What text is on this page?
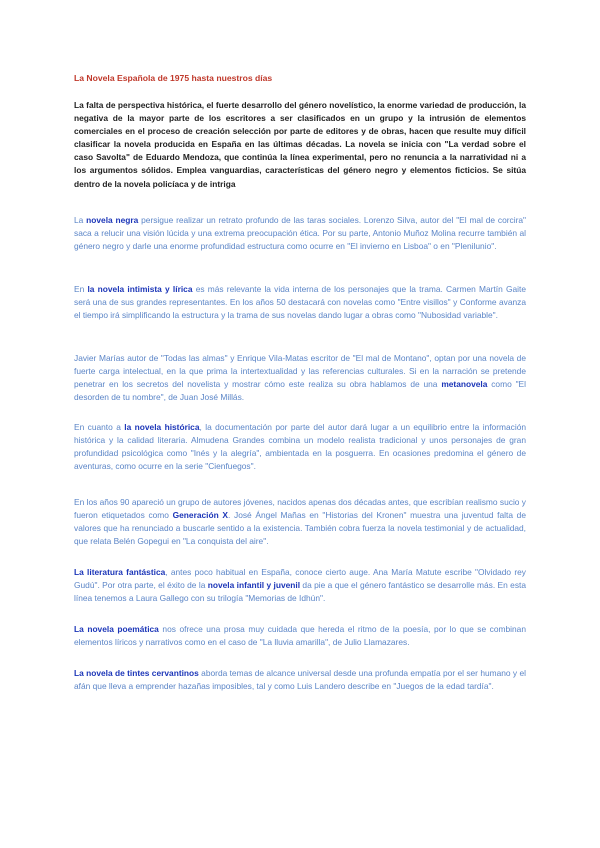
La Novela Española de 1975 hasta nuestros días

La falta de perspectiva histórica, el fuerte desarrollo del género novelístico, la enorme variedad de producción, la negativa de la mayor parte de los escritores a ser clasificados en un grupo y la intrusión de elementos comerciales en el proceso de creación selección por parte de editores y de obras, hacen que resulte muy difícil clasificar la novela producida en España en las últimas décadas. La novela se inicia con "La verdad sobre el caso Savolta" de Eduardo Mendoza, que continúa la línea experimental, pero no renuncia a la narratividad ni a los argumentos sólidos. Emplea vanguardias, características del género negro y elementos ficticios. Se sitúa dentro de la novela policíaca y de intriga

La novela negra persigue realizar un retrato profundo de las taras sociales. Lorenzo Silva, autor del "El mal de corcira" saca a relucir una visión lúcida y una extrema preocupación ética. Por su parte, Antonio Muñoz Molina recurre también al género negro y darle una enorme profundidad estructura como ocurre en "El invierno en Lisboa" o en "Plenilunio".

En la novela intimista y lírica es más relevante la vida interna de los personajes que la trama. Carmen Martín Gaite será una de sus grandes representantes. En los años 50 destacará con novelas como "Entre visillos" y Conforme avanza el tiempo irá simplificando la estructura y la trama de sus novelas dando lugar a obras como "Nubosidad variable".

Javier Marías autor de "Todas las almas" y Enrique Vila-Matas escritor de "El mal de Montano", optan por una novela de fuerte carga intelectual, en la que prima la intertextualidad y las referencias culturales. Si en la narración se pretende penetrar en los secretos del novelista y mostrar cómo este realiza su obra hablamos de una metanovela como "El desorden de tu nombre", de Juan José Millás.

En cuanto a la novela histórica, la documentación por parte del autor dará lugar a un equilibrio entre la información histórica y la calidad literaria. Almudena Grandes combina un modelo realista tradicional y unos personajes de gran profundidad psicológica como "Inés y la alegría", ambientada en la posguerra. En ocasiones predomina el género de aventuras, como ocurre en la serie "Cienfuegos".

En los años 90 apareció un grupo de autores jóvenes, nacidos apenas dos décadas antes, que escribían realismo sucio y fueron etiquetados como Generación X. José Ángel Mañas en "Historias del Kronen" muestra una juventud falta de valores que ha renunciado a buscarle sentido a la existencia. También cobra fuerza la novela testimonial y de actualidad, que relata Belén Gopegui en "La conquista del aire".

La literatura fantástica, antes poco habitual en España, conoce cierto auge. Ana María Matute escribe "Olvidado rey Gudú". Por otra parte, el éxito de la novela infantil y juvenil da pie a que el género fantástico se desarrolle más. En esta línea tenemos a Laura Gallego con su trilogía "Memorias de Idhún".

La novela poemática nos ofrece una prosa muy cuidada que hereda el ritmo de la poesía, por lo que se combinan elementos líricos y narrativos como en el caso de "La lluvia amarilla", de Julio Llamazares.

La novela de tintes cervantinos aborda temas de alcance universal desde una profunda empatía por el ser humano y el afán que lleva a emprender hazañas imposibles, tal y como Luis Landero describe en "Juegos de la edad tardía".
